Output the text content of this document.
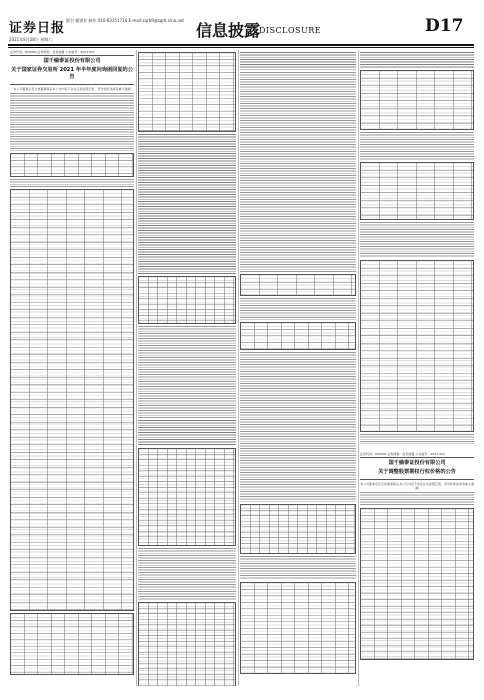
证券日报
版书 繁建亚 制作 010-83251716 E-mail:zqrb9@zqrb.sina.net
2021年8月28日 星期六	信息披露
DISCLOSURE	D17
证券代码：600000 证券简称：信息披露 公告编号：2021-051
国千榆泰证投份有限公司
关于国家证券交易所 2021 年半年度问询函回复的公告
本公司董事会及全体董事保证本公告内容不存在任何虚假记载、误导性陈述或者重大遗漏
证券代码：600000 证券简称：信息披露 公告编号：2021-052
国千榆泰证投份有限公司
关于调整股票期权行权价格的公告
本公司董事会及全体董事保证本公告内容不存在任何虚假记载、误导性陈述或者重大遗漏
